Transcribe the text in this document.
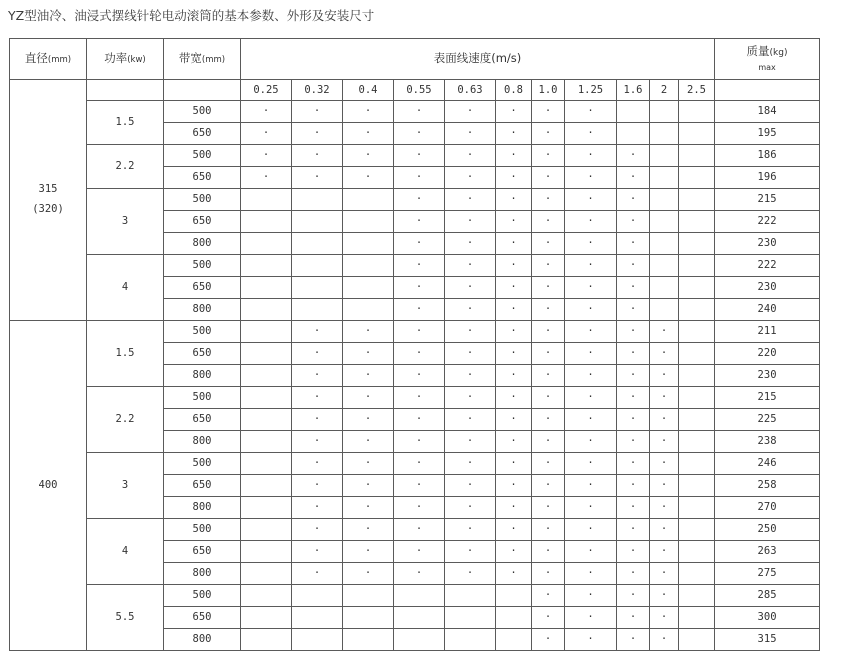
YZ型油冷、油浸式摆线针轮电动滚筒的基本参数、外形及安装尺寸
直径(mm)	功率(kw)	带宽(mm)	表面线速度(m/s)											质量(kg)
max

315
(320)			0.25	0.32	0.4	0.55	0.63	0.8	1.0	1.25	1.6	2	2.5	
	1.5	500	·	·	·	·	·	·	·	·				184
		650	·	·	·	·	·	·	·	·				195
	2.2	500	·	·	·	·	·	·	·	·	·			186
		650	·	·	·	·	·	·	·	·	·			196
	3	500				·	·	·	·	·	·			215
		650				·	·	·	·	·	·			222
		800				·	·	·	·	·	·			230
	4	500				·	·	·	·	·	·			222
		650				·	·	·	·	·	·			230
		800				·	·	·	·	·	·			240
400	1.5	500		·	·	·	·	·	·	·	·	·		211
		650		·	·	·	·	·	·	·	·	·		220
		800		·	·	·	·	·	·	·	·	·		230
	2.2	500		·	·	·	·	·	·	·	·	·		215
		650		·	·	·	·	·	·	·	·	·		225
		800		·	·	·	·	·	·	·	·	·		238
	3	500		·	·	·	·	·	·	·	·	·		246
		650		·	·	·	·	·	·	·	·	·		258
		800		·	·	·	·	·	·	·	·	·		270
	4	500		·	·	·	·	·	·	·	·	·		250
		650		·	·	·	·	·	·	·	·	·		263
		800		·	·	·	·	·	·	·	·	·		275
	5.5	500							·	·	·	·		285
		650							·	·	·	·		300
		800							·	·	·	·		315
